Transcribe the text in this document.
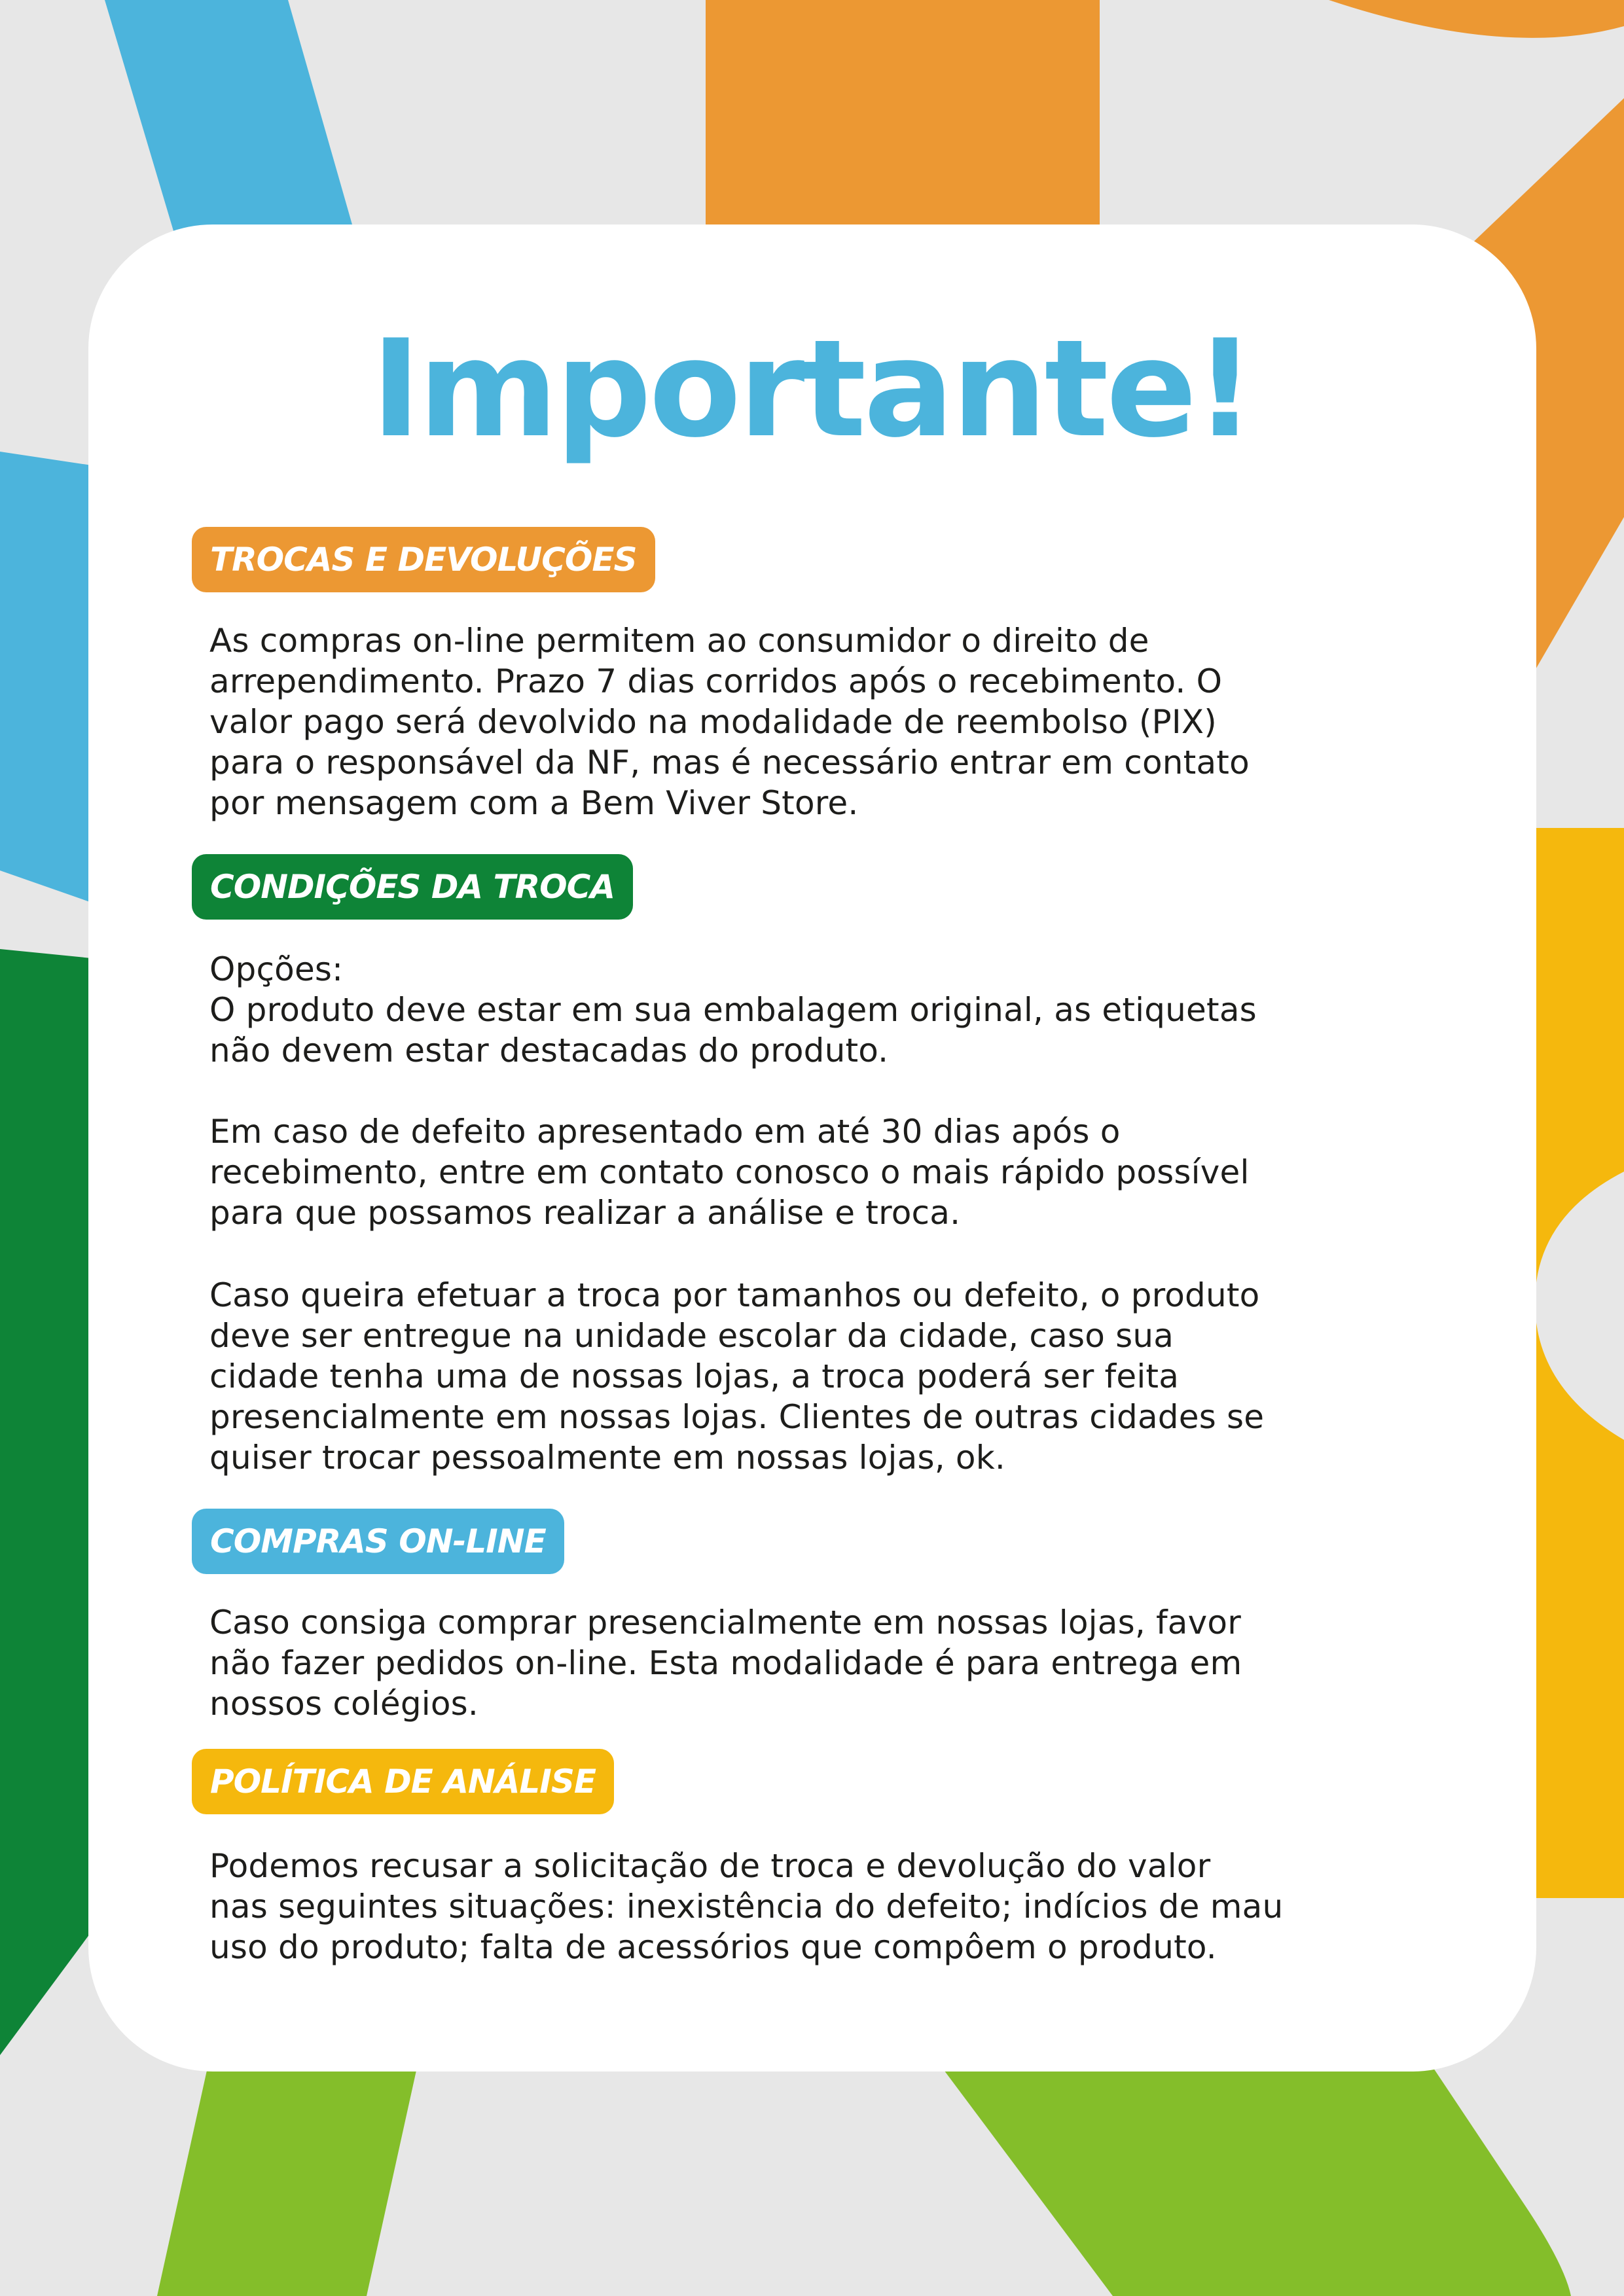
Importante!
TROCAS E DEVOLUÇÕES

As compras on-line permitem ao consumidor o direito de
arrependimento. Prazo 7 dias corridos após o recebimento. O
valor pago será devolvido na modalidade de reembolso (PIX)
para o responsável da NF, mas é necessário entrar em contato
por mensagem com a Bem Viver Store.

CONDIÇÕES DA TROCA

Opções:
O produto deve estar em sua embalagem original, as etiquetas
não devem estar destacadas do produto.

Em caso de defeito apresentado em até 30 dias após o
recebimento, entre em contato conosco o mais rápido possível
para que possamos realizar a análise e troca.

Caso queira efetuar a troca por tamanhos ou defeito, o produto
deve ser entregue na unidade escolar da cidade, caso sua
cidade tenha uma de nossas lojas, a troca poderá ser feita
presencialmente em nossas lojas. Clientes de outras cidades se
quiser trocar pessoalmente em nossas lojas, ok.

COMPRAS ON-LINE

Caso consiga comprar presencialmente em nossas lojas, favor
não fazer pedidos on-line. Esta modalidade é para entrega em
nossos colégios.

POLÍTICA DE ANÁLISE

Podemos recusar a solicitação de troca e devolução do valor
nas seguintes situações: inexistência do defeito; indícios de mau
uso do produto; falta de acessórios que compôem o produto.
